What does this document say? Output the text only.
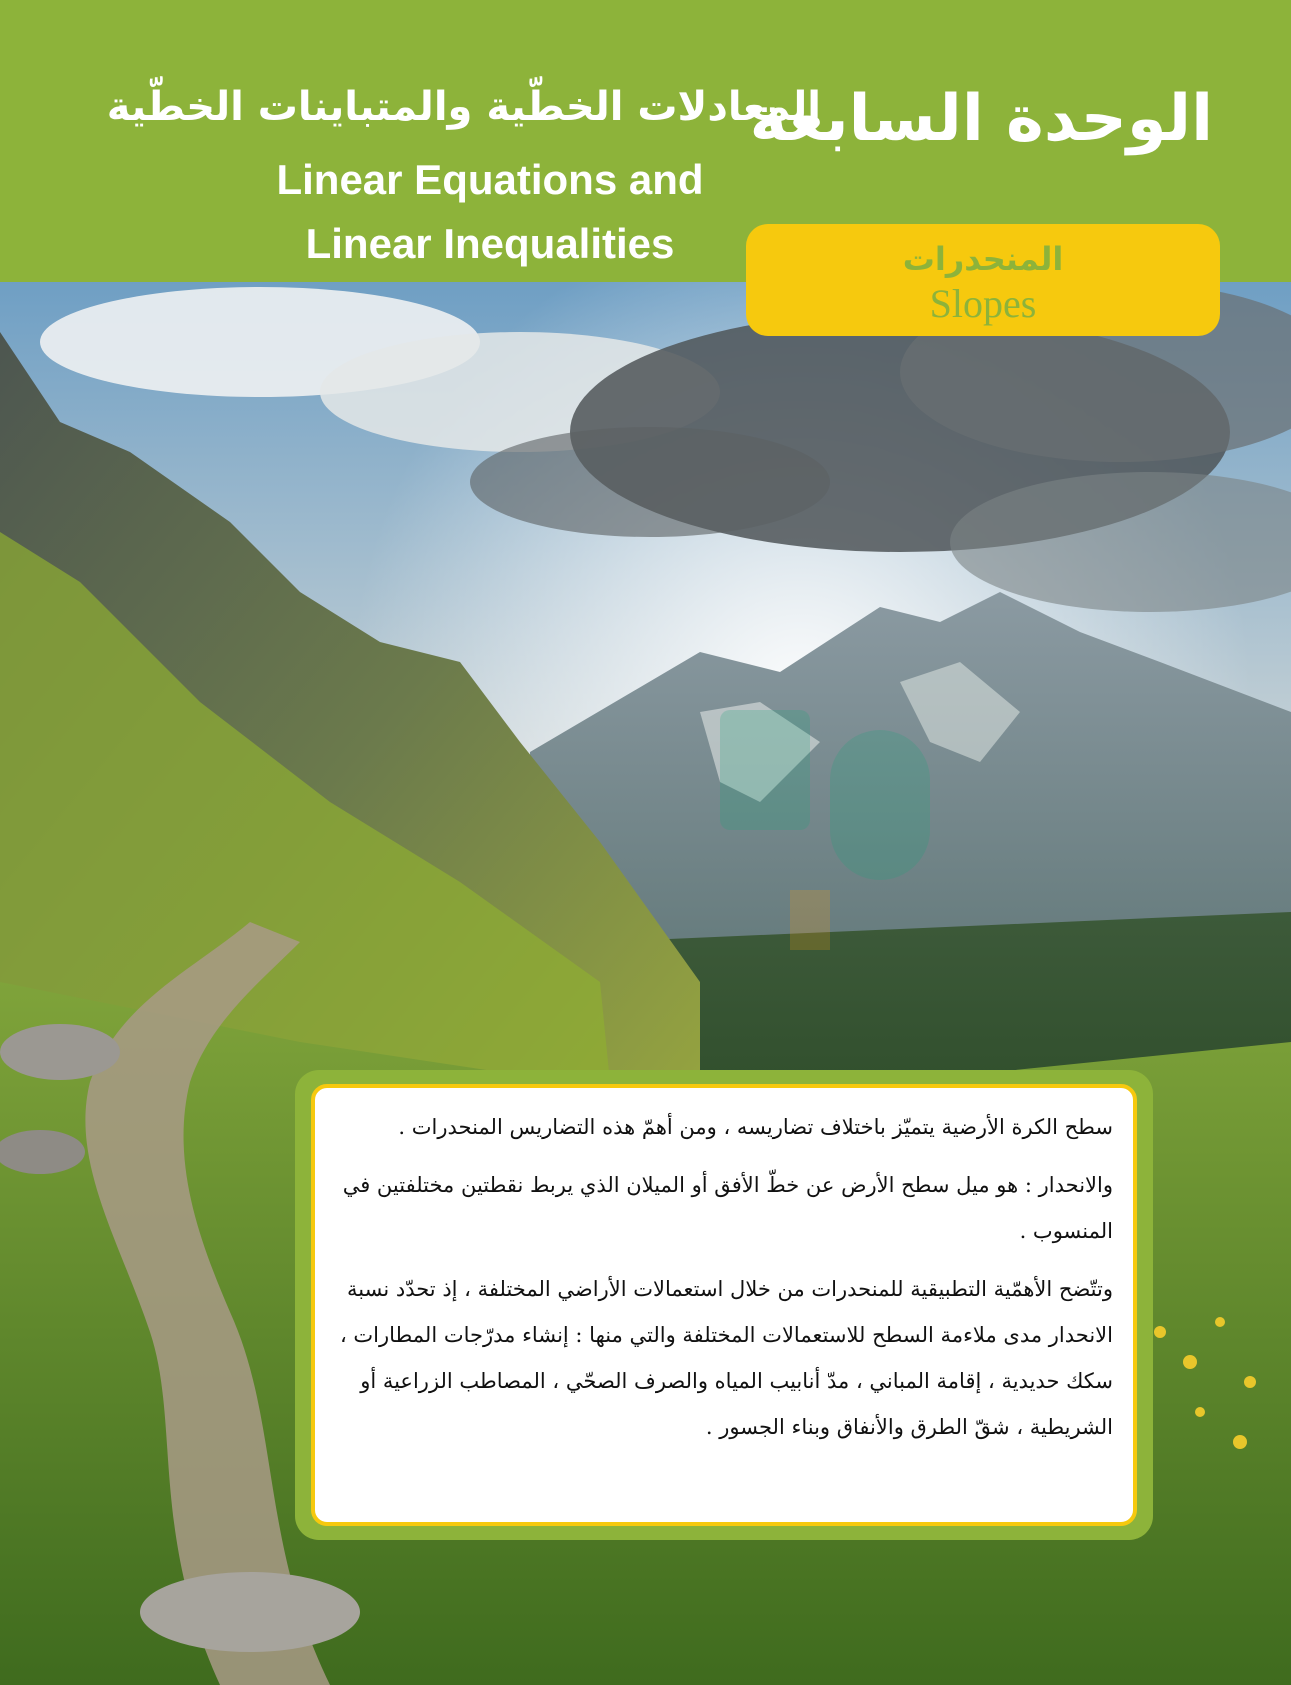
الوحدة السابعة
المعادلات الخطّية والمتباينات الخطّية
Linear Equations and
Linear Inequalities	المنحدرات
Slopes

سطح الكرة الأرضية يتميّز باختلاف تضاريسه ، ومن أهمّ هذه التضاريس المنحدرات .

والانحدار : هو ميل سطح الأرض عن خطّ الأفق أو الميلان الذي يربط نقطتين مختلفتين في المنسوب .

وتتّضح الأهمّية التطبيقية للمنحدرات من خلال استعمالات الأراضي المختلفة ، إذ تحدّد نسبة الانحدار مدى ملاءمة السطح للاستعمالات المختلفة والتي منها : إنشاء مدرّجات المطارات ، سكك حديدية ، إقامة المباني ، مدّ أنابيب المياه والصرف الصحّي ، المصاطب الزراعية أو الشريطية ، شقّ الطرق والأنفاق وبناء الجسور .
